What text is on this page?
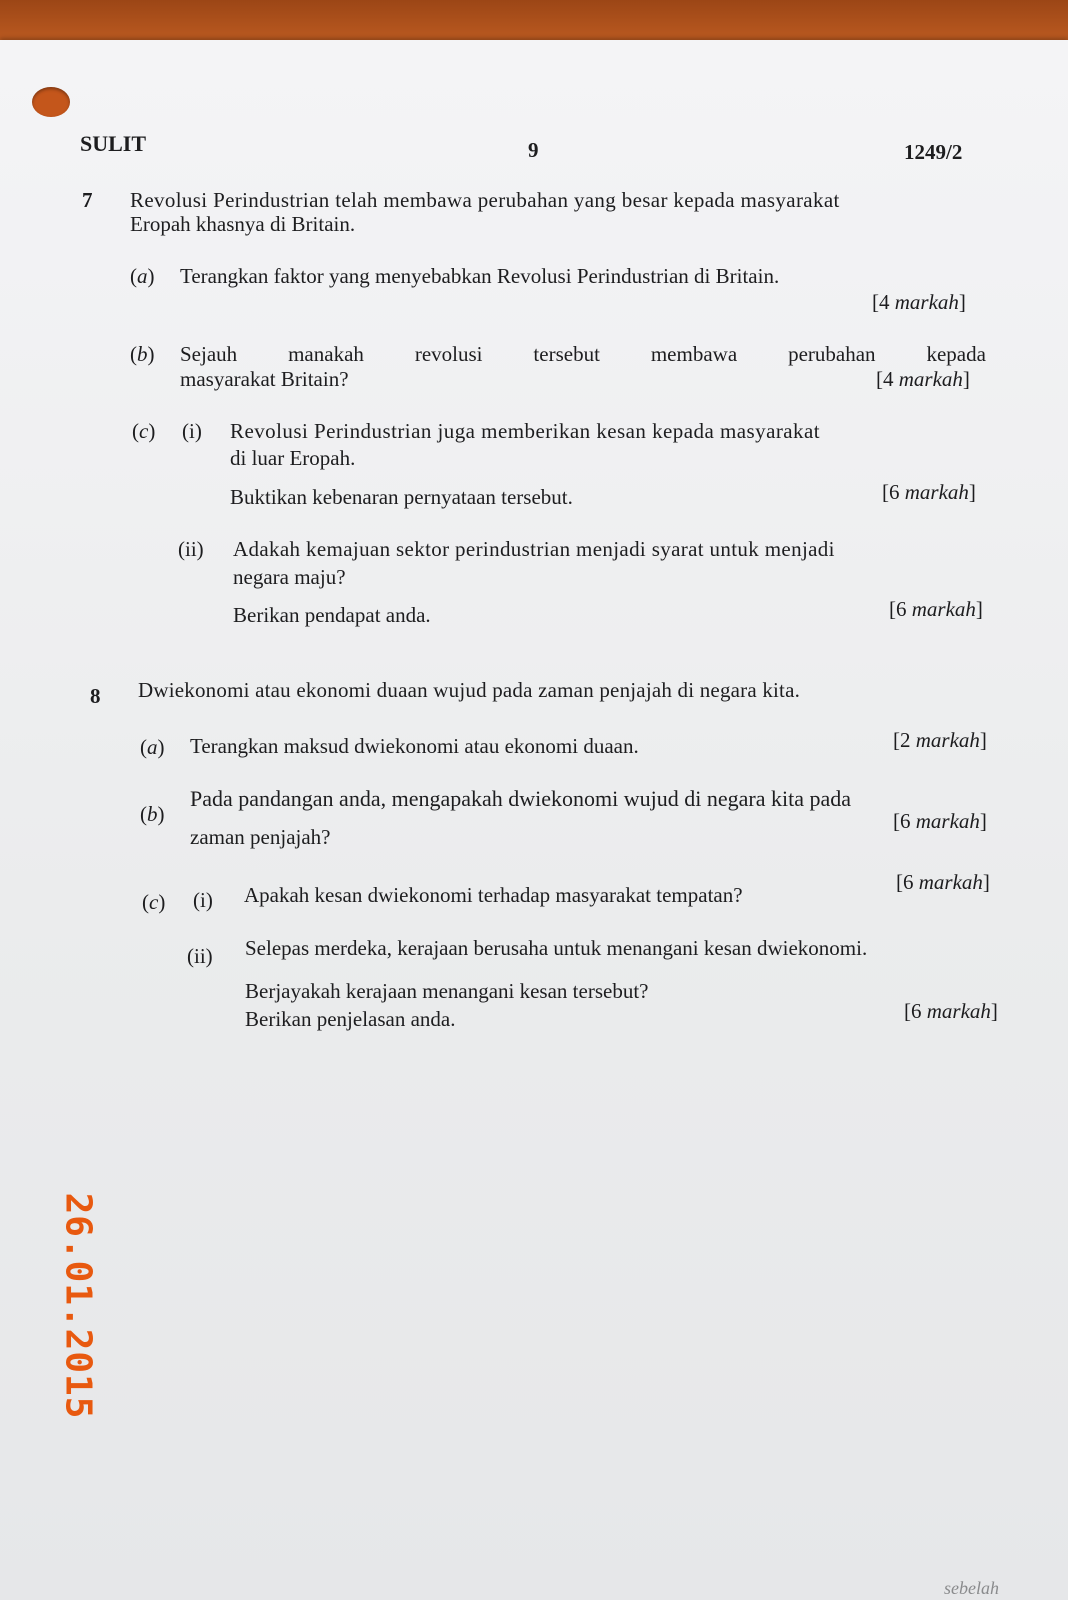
SULIT	9	1249/2
7 Revolusi Perindustrian telah membawa perubahan yang besar kepada masyarakat
Eropah khasnya di Britain.
(a) Terangkan faktor yang menyebabkan Revolusi Perindustrian di Britain.
[4 markah]
(b) Sejauh manakah revolusi tersebut membawa perubahan kepada
masyarakat Britain?	[4 markah]
(c) (i) Revolusi Perindustrian juga memberikan kesan kepada masyarakat
di luar Eropah.
Buktikan kebenaran pernyataan tersebut.	[6 markah]
(ii) Adakah kemajuan sektor perindustrian menjadi syarat untuk menjadi
negara maju?
Berikan pendapat anda.	[6 markah]
8 Dwiekonomi atau ekonomi duaan wujud pada zaman penjajah di negara kita.
(a) Terangkan maksud dwiekonomi atau ekonomi duaan.	[2 markah]
(b)
Pada pandangan anda, mengapakah dwiekonomi wujud di negara kita pada
zaman penjajah?
[6 markah]
(c) (i) Apakah kesan dwiekonomi terhadap masyarakat tempatan?
[6 markah]
(ii) Selepas merdeka, kerajaan berusaha untuk menangani kesan dwiekonomi.
Berjayakah kerajaan menangani kesan tersebut?
Berikan penjelasan anda.	[6 markah]
26.01.2015
sebelah
